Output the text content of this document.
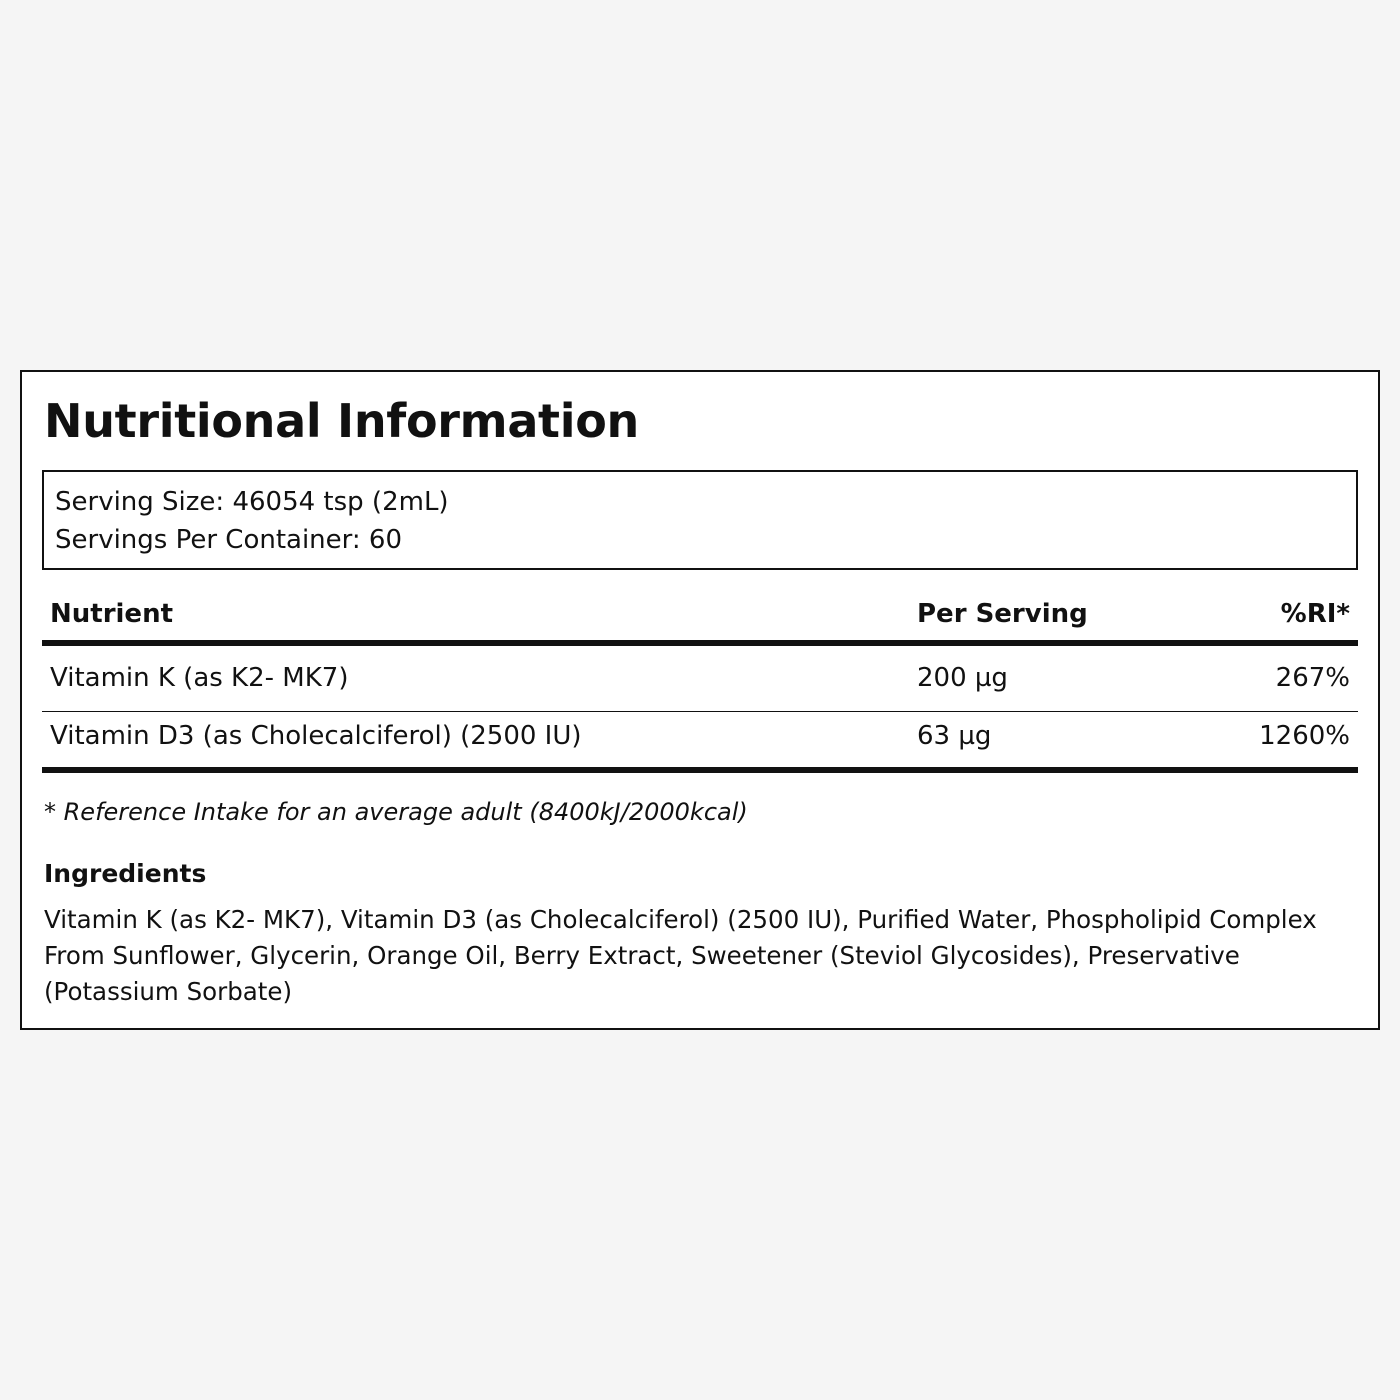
Nutritional Information
Serving Size: 46054 tsp (2mL)
Servings Per Container: 60
Nutrient	Per Serving	%RI*
Vitamin K (as K2- MK7)	200 µg	267%
Vitamin D3 (as Cholecalciferol) (2500 IU)	63 µg	1260%
* Reference Intake for an average adult (8400kJ/2000kcal)
Ingredients

Vitamin K (as K2- MK7), Vitamin D3 (as Cholecalciferol) (2500 IU), Purified Water, Phospholipid Complex From Sunflower, Glycerin, Orange Oil, Berry Extract, Sweetener (Steviol Glycosides), Preservative (Potassium Sorbate)
